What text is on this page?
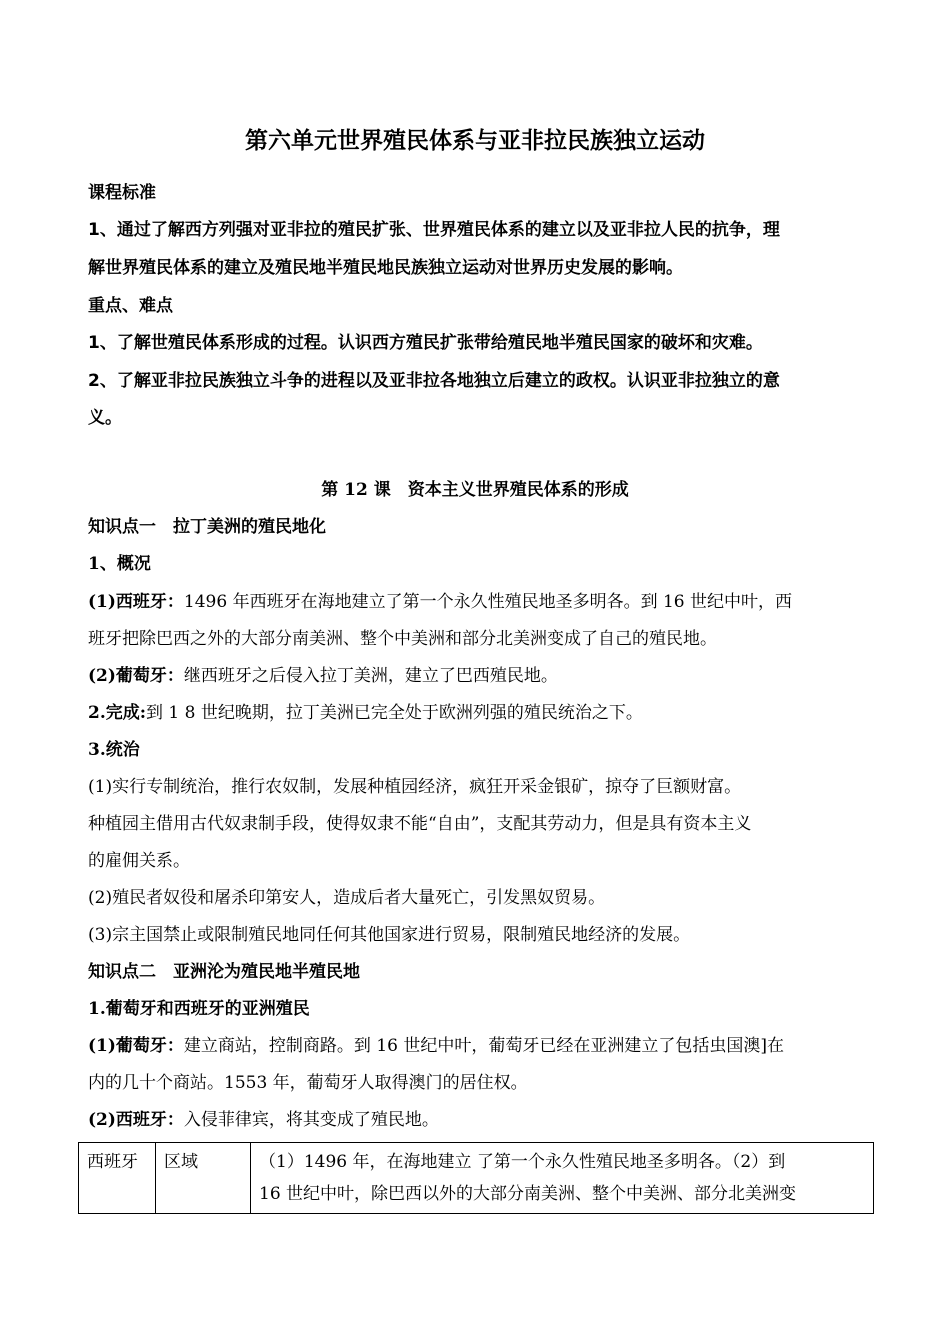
第六单元世界殖民体系与亚非拉民族独立运动
课程标准
1、通过了解西方列强对亚非拉的殖民扩张、世界殖民体系的建立以及亚非拉人民的抗争，理
解世界殖民体系的建立及殖民地半殖民地民族独立运动对世界历史发展的影响。
重点、难点
1、了解世殖民体系形成的过程。认识西方殖民扩张带给殖民地半殖民国家的破坏和灾难。
2、了解亚非拉民族独立斗争的进程以及亚非拉各地独立后建立的政权。认识亚非拉独立的意
义。
第 12 课　资本主义世界殖民体系的形成
知识点一　拉丁美洲的殖民地化
1、概况
(1)西班牙：1496 年西班牙在海地建立了第一个永久性殖民地圣多明各。到 16 世纪中叶，西
班牙把除巴西之外的大部分南美洲、整个中美洲和部分北美洲变成了自己的殖民地。
(2)葡萄牙：继西班牙之后侵入拉丁美洲，建立了巴西殖民地。
2.完成:到 1 8 世纪晚期，拉丁美洲已完全处于欧洲列强的殖民统治之下。
3.统治
(1)实行专制统治，推行农奴制，发展种植园经济，疯狂开采金银矿，掠夺了巨额财富。
种植园主借用古代奴隶制手段，使得奴隶不能“自由”，支配其劳动力，但是具有资本主义
的雇佣关系。
(2)殖民者奴役和屠杀印第安人，造成后者大量死亡，引发黑奴贸易。
(3)宗主国禁止或限制殖民地同任何其他国家进行贸易，限制殖民地经济的发展。
知识点二　亚洲沦为殖民地半殖民地
1.葡萄牙和西班牙的亚洲殖民
(1)葡萄牙：建立商站，控制商路。到 16 世纪中叶，葡萄牙已经在亚洲建立了包括虫国澳]在
内的几十个商站。1553 年，葡萄牙人取得澳门的居住权。
(2)西班牙：入侵菲律宾，将其变成了殖民地。
西班牙	区域	（1）1496 年，在海地建立 了第一个永久性殖民地圣多明各。（2）到
16 世纪中叶，除巴西以外的大部分南美洲、整个中美洲、部分北美洲变
